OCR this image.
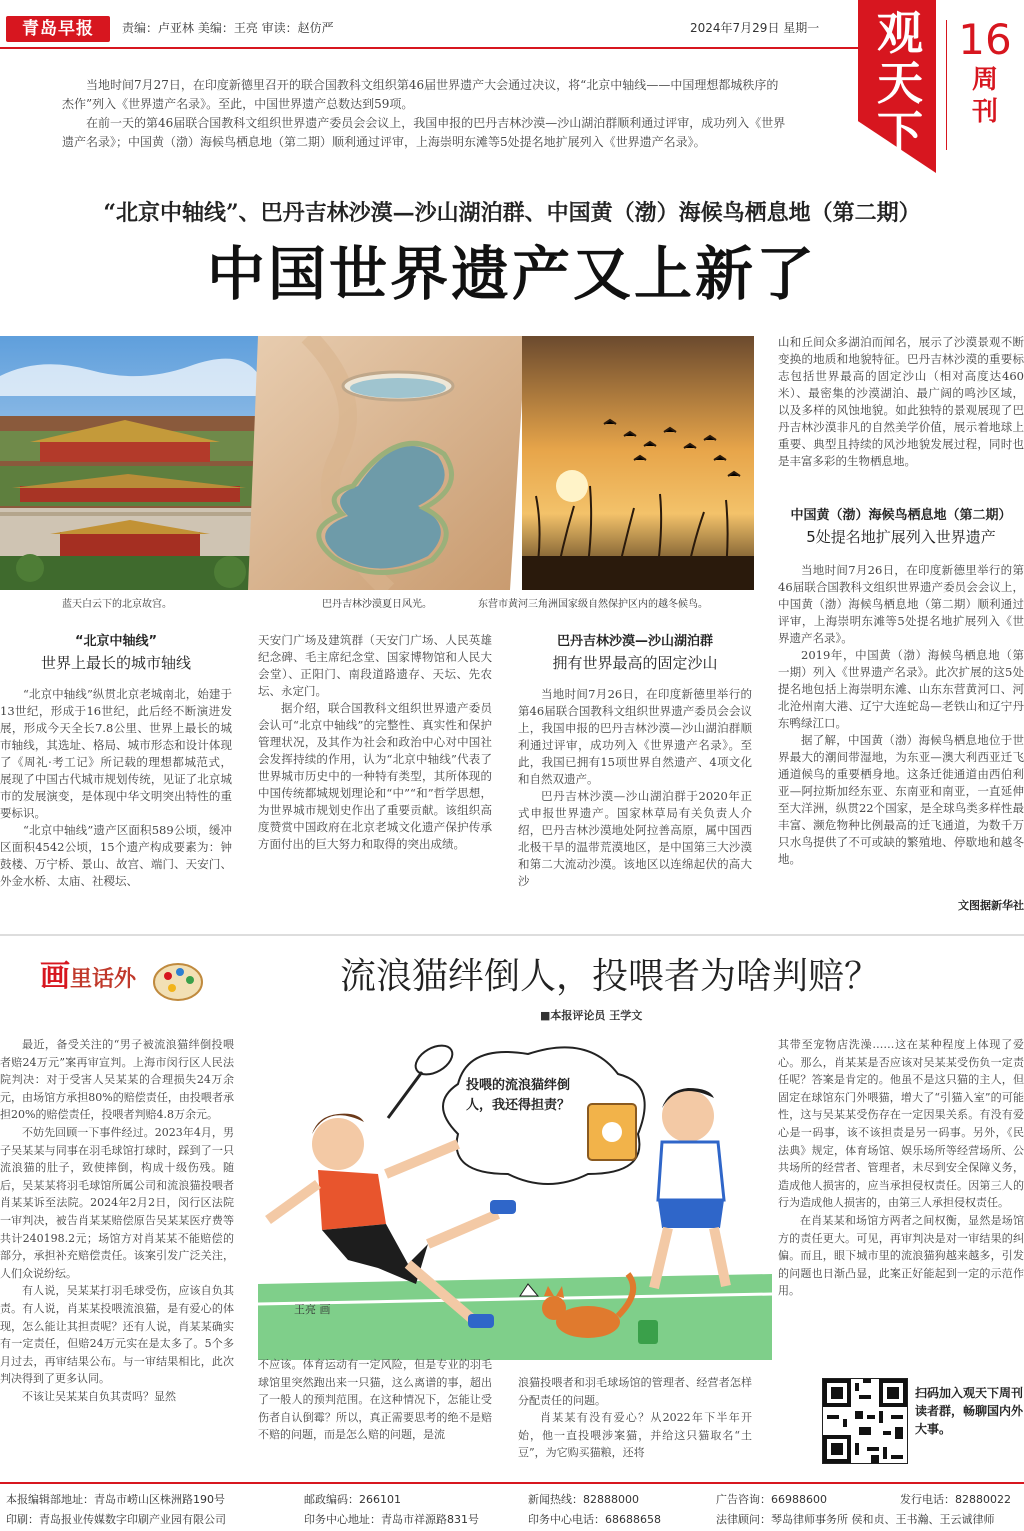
青岛早报	责编：卢亚林 美编：王亮 审读：赵仿严	2024年7月29日 星期一 观天下
16
周刊

当地时间7月27日，在印度新德里召开的联合国教科文组织第46届世界遗产大会通过决议，将“北京中轴线——中国理想都城秩序的杰作”列入《世界遗产名录》。至此，中国世界遗产总数达到59项。

在前一天的第46届联合国教科文组织世界遗产委员会会议上，我国申报的巴丹吉林沙漠—沙山湖泊群顺利通过评审，成功列入《世界遗产名录》；中国黄（渤）海候鸟栖息地（第二期）顺利通过评审，上海崇明东滩等5处提名地扩展列入《世界遗产名录》。

“北京中轴线”、巴丹吉林沙漠—沙山湖泊群、中国黄（渤）海候鸟栖息地（第二期）
中国世界遗产又上新了
蓝天白云下的北京故宫。	巴丹吉林沙漠夏日风光。	东营市黄河三角洲国家级自然保护区内的越冬候鸟。

山和丘间众多湖泊而闻名，展示了沙漠景观不断变换的地质和地貌特征。巴丹吉林沙漠的重要标志包括世界最高的固定沙山（相对高度达460米）、最密集的沙漠湖泊、最广阔的鸣沙区域，以及多样的风蚀地貌。如此独特的景观展现了巴丹吉林沙漠非凡的自然美学价值，展示着地球上重要、典型且持续的风沙地貌发展过程，同时也是丰富多彩的生物栖息地。

中国黄（渤）海候鸟栖息地（第二期）
5处提名地扩展列入世界遗产

当地时间7月26日，在印度新德里举行的第46届联合国教科文组织世界遗产委员会会议上，中国黄（渤）海候鸟栖息地（第二期）顺利通过评审，上海崇明东滩等5处提名地扩展列入《世界遗产名录》。

2019年，中国黄（渤）海候鸟栖息地（第一期）列入《世界遗产名录》。此次扩展的这5处提名地包括上海崇明东滩、山东东营黄河口、河北沧州南大港、辽宁大连蛇岛—老铁山和辽宁丹东鸭绿江口。

据了解，中国黄（渤）海候鸟栖息地位于世界最大的潮间带湿地，为东亚—澳大利西亚迁飞通道候鸟的重要栖身地。这条迁徙通道由西伯利亚—阿拉斯加经东亚、东南亚和南亚，一直延伸至大洋洲，纵贯22个国家，是全球鸟类多样性最丰富、濒危物种比例最高的迁飞通道，为数千万只水鸟提供了不可或缺的繁殖地、停歇地和越冬地。

文图据新华社
“北京中轴线”
世界上最长的城市轴线

“北京中轴线”纵贯北京老城南北，始建于13世纪，形成于16世纪，此后经不断演进发展，形成今天全长7.8公里、世界上最长的城市轴线，其选址、格局、城市形态和设计体现了《周礼·考工记》所记载的理想都城范式，展现了中国古代城市规划传统，见证了北京城市的发展演变，是体现中华文明突出特性的重要标识。

“北京中轴线”遗产区面积589公顷，缓冲区面积4542公顷，15个遗产构成要素为：钟鼓楼、万宁桥、景山、故宫、端门、天安门、外金水桥、太庙、社稷坛、

天安门广场及建筑群（天安门广场、人民英雄纪念碑、毛主席纪念堂、国家博物馆和人民大会堂）、正阳门、南段道路遗存、天坛、先农坛、永定门。

据介绍，联合国教科文组织世界遗产委员会认可“北京中轴线”的完整性、真实性和保护管理状况，及其作为社会和政治中心对中国社会发挥持续的作用，认为“北京中轴线”代表了世界城市历史中的一种特有类型，其所体现的中国传统都城规划理论和“中”“和”哲学思想，为世界城市规划史作出了重要贡献。该组织高度赞赏中国政府在北京老城文化遗产保护传承方面付出的巨大努力和取得的突出成绩。

巴丹吉林沙漠—沙山湖泊群
拥有世界最高的固定沙山

当地时间7月26日，在印度新德里举行的第46届联合国教科文组织世界遗产委员会会议上，我国申报的巴丹吉林沙漠—沙山湖泊群顺利通过评审，成功列入《世界遗产名录》。至此，我国已拥有15项世界自然遗产、4项文化和自然双遗产。

巴丹吉林沙漠—沙山湖泊群于2020年正式申报世界遗产。国家林草局有关负责人介绍，巴丹吉林沙漠地处阿拉善高原，属中国西北极干旱的温带荒漠地区，是中国第三大沙漠和第二大流动沙漠。该地区以连绵起伏的高大沙

画里话外	流浪猫绊倒人，投喂者为啥判赔？
■本报评论员 王学文

最近，备受关注的“男子被流浪猫绊倒投喂者赔24万元”案再审宣判。上海市闵行区人民法院判决：对于受害人吴某某的合理损失24万余元，由场馆方承担80%的赔偿责任，由投喂者承担20%的赔偿责任，投喂者判赔4.8万余元。

不妨先回顾一下事件经过。2023年4月，男子吴某某与同事在羽毛球馆打球时，踩到了一只流浪猫的肚子，致使摔倒，构成十级伤残。随后，吴某某将羽毛球馆所属公司和流浪猫投喂者肖某某诉至法院。2024年2月2日，闵行区法院一审判决，被告肖某某赔偿原告吴某某医疗费等共计240198.2元；场馆方对肖某某不能赔偿的部分，承担补充赔偿责任。该案引发广泛关注，人们众说纷纭。

有人说，吴某某打羽毛球受伤，应该自负其责。有人说，肖某某投喂流浪猫，是有爱心的体现，怎么能让其担责呢？还有人说，肖某某确实有一定责任，但赔24万元实在是太多了。5个多月过去，再审结果公布。与一审结果相比，此次判决得到了更多认同。

不该让吴某某自负其责吗？显然

投喂的流浪猫绊倒人，我还得担责？
王亮 画

不应该。体育运动有一定风险，但是专业的羽毛球馆里突然跑出来一只猫，这么离谱的事，超出了一般人的预判范围。在这种情况下，怎能让受伤者自认倒霉？所以，真正需要思考的绝不是赔不赔的问题，而是怎么赔的问题，是流

浪猫投喂者和羽毛球场馆的管理者、经营者怎样分配责任的问题。

肖某某有没有爱心？从2022年下半年开始，他一直投喂涉案猫，并给这只猫取名“土豆”，为它购买猫粮，还将

其带至宠物店洗澡……这在某种程度上体现了爱心。那么，肖某某是否应该对吴某某受伤负一定责任呢？答案是肯定的。他虽不是这只猫的主人，但固定在球馆东门外喂猫，增大了“引猫入室”的可能性，这与吴某某受伤存在一定因果关系。有没有爱心是一码事，该不该担责是另一码事。另外，《民法典》规定，体育场馆、娱乐场所等经营场所、公共场所的经营者、管理者，未尽到安全保障义务，造成他人损害的，应当承担侵权责任。因第三人的行为造成他人损害的，由第三人承担侵权责任。

在肖某某和场馆方两者之间权衡，显然是场馆方的责任更大。可见，再审判决是对一审结果的纠偏。而且，眼下城市里的流浪猫狗越来越多，引发的问题也日渐凸显，此案正好能起到一定的示范作用。

扫码加入观天下周刊读者群，畅聊国内外大事。
本报编辑部地址：青岛市崂山区株洲路190号	邮政编码：266101	新闻热线：82888000	广告咨询：66988600	发行电话：82880022
印刷：青岛报业传媒数字印刷产业园有限公司	印务中心地址：青岛市祥源路831号	印务中心电话：68688658	法律顾问：琴岛律师事务所 侯和贞、王书瀚、王云诚律师
